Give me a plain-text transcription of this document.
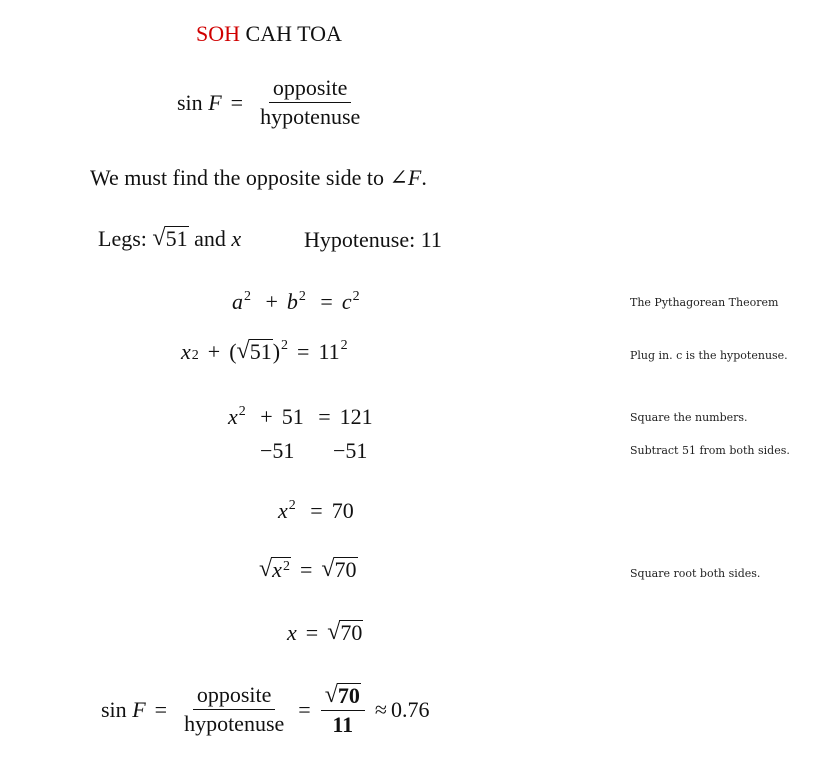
SOH CAH TOA
sin
$F = \frac{\text{opposite}}{\text{hypotenuse}}$
We must find the opposite side to ∠F.
Legs:
√ 51
and
x	Hypotenuse: 11
$a^2 + b^2 = c^2$	The Pythagorean Theorem
x 2 + ( √ 51 ) 2 = 11 2
Plug in. c is the hypotenuse.
$x^2 + 51 = 121$	Square the numbers.
−51 −51	Subtract 51 from both sides.
$x^2 = 70$
√ $x^2$ = √ 70	Square root both sides.
x = √ 70
sin
$F = \frac{\text{opposite}}{\text{hypotenuse}} = \frac{√ 70}{11} \approx 0.76$
